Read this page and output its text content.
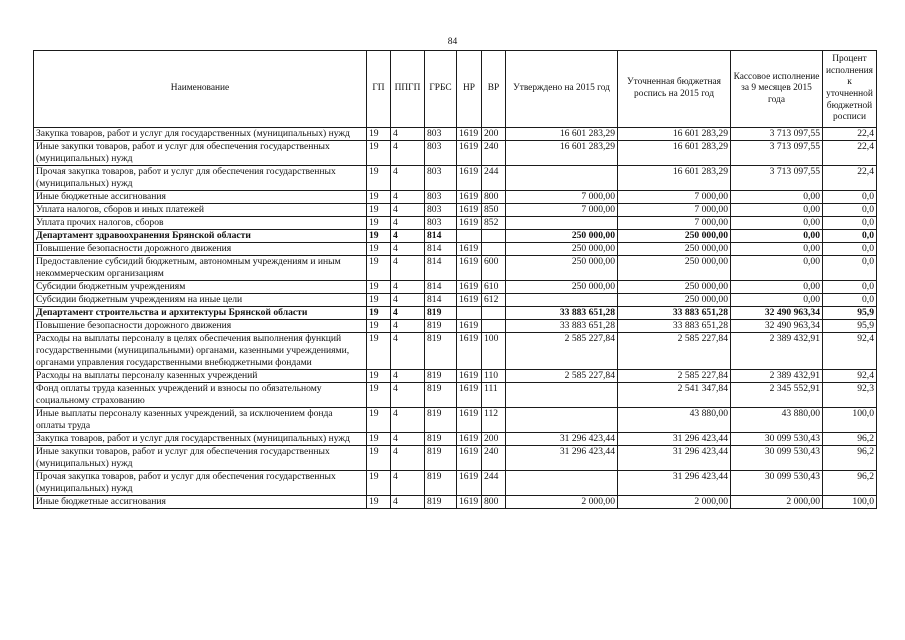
84
Наименование	ГП	ППГП	ГРБС	НР	ВР	Утверждено на 2015 год	Уточненная бюджетная роспись на 2015 год	Кассовое исполнение за 9 месяцев 2015 года	Процент исполнения к уточненной бюджетной росписи
Закупка товаров, работ и услуг для государственных (муниципальных) нужд	19	4	803	1619	200	16 601 283,29	16 601 283,29	3 713 097,55	22,4
Иные закупки товаров, работ и услуг для обеспечения государственных (муниципальных) нужд	19	4	803	1619	240	16 601 283,29	16 601 283,29	3 713 097,55	22,4
Прочая закупка товаров, работ и услуг для обеспечения государственных (муниципальных) нужд	19	4	803	1619	244		16 601 283,29	3 713 097,55	22,4
Иные бюджетные ассигнования	19	4	803	1619	800	7 000,00	7 000,00	0,00	0,0
Уплата налогов, сборов и иных платежей	19	4	803	1619	850	7 000,00	7 000,00	0,00	0,0
Уплата прочих налогов, сборов	19	4	803	1619	852		7 000,00	0,00	0,0
Департамент здравоохранения Брянской области	19	4	814			250 000,00	250 000,00	0,00	0,0
Повышение безопасности дорожного движения	19	4	814	1619		250 000,00	250 000,00	0,00	0,0
Предоставление субсидий бюджетным, автономным учреждениям и иным некоммерческим организациям	19	4	814	1619	600	250 000,00	250 000,00	0,00	0,0
Субсидии бюджетным учреждениям	19	4	814	1619	610	250 000,00	250 000,00	0,00	0,0
Субсидии бюджетным учреждениям на иные цели	19	4	814	1619	612		250 000,00	0,00	0,0
Департамент строительства и архитектуры Брянской области	19	4	819			33 883 651,28	33 883 651,28	32 490 963,34	95,9
Повышение безопасности дорожного движения	19	4	819	1619		33 883 651,28	33 883 651,28	32 490 963,34	95,9
Расходы на выплаты персоналу в целях обеспечения выполнения функций государственными (муниципальными) органами, казенными учреждениями, органами управления государственными внебюджетными фондами	19	4	819	1619	100	2 585 227,84	2 585 227,84	2 389 432,91	92,4
Расходы на выплаты персоналу казенных учреждений	19	4	819	1619	110	2 585 227,84	2 585 227,84	2 389 432,91	92,4
Фонд оплаты труда казенных учреждений и взносы по обязательному социальному страхованию	19	4	819	1619	111		2 541 347,84	2 345 552,91	92,3
Иные выплаты персоналу казенных учреждений, за исключением фонда оплаты труда	19	4	819	1619	112		43 880,00	43 880,00	100,0
Закупка товаров, работ и услуг для государственных (муниципальных) нужд	19	4	819	1619	200	31 296 423,44	31 296 423,44	30 099 530,43	96,2
Иные закупки товаров, работ и услуг для обеспечения государственных (муниципальных) нужд	19	4	819	1619	240	31 296 423,44	31 296 423,44	30 099 530,43	96,2
Прочая закупка товаров, работ и услуг для обеспечения государственных (муниципальных) нужд	19	4	819	1619	244		31 296 423,44	30 099 530,43	96,2
Иные бюджетные ассигнования	19	4	819	1619	800	2 000,00	2 000,00	2 000,00	100,0
